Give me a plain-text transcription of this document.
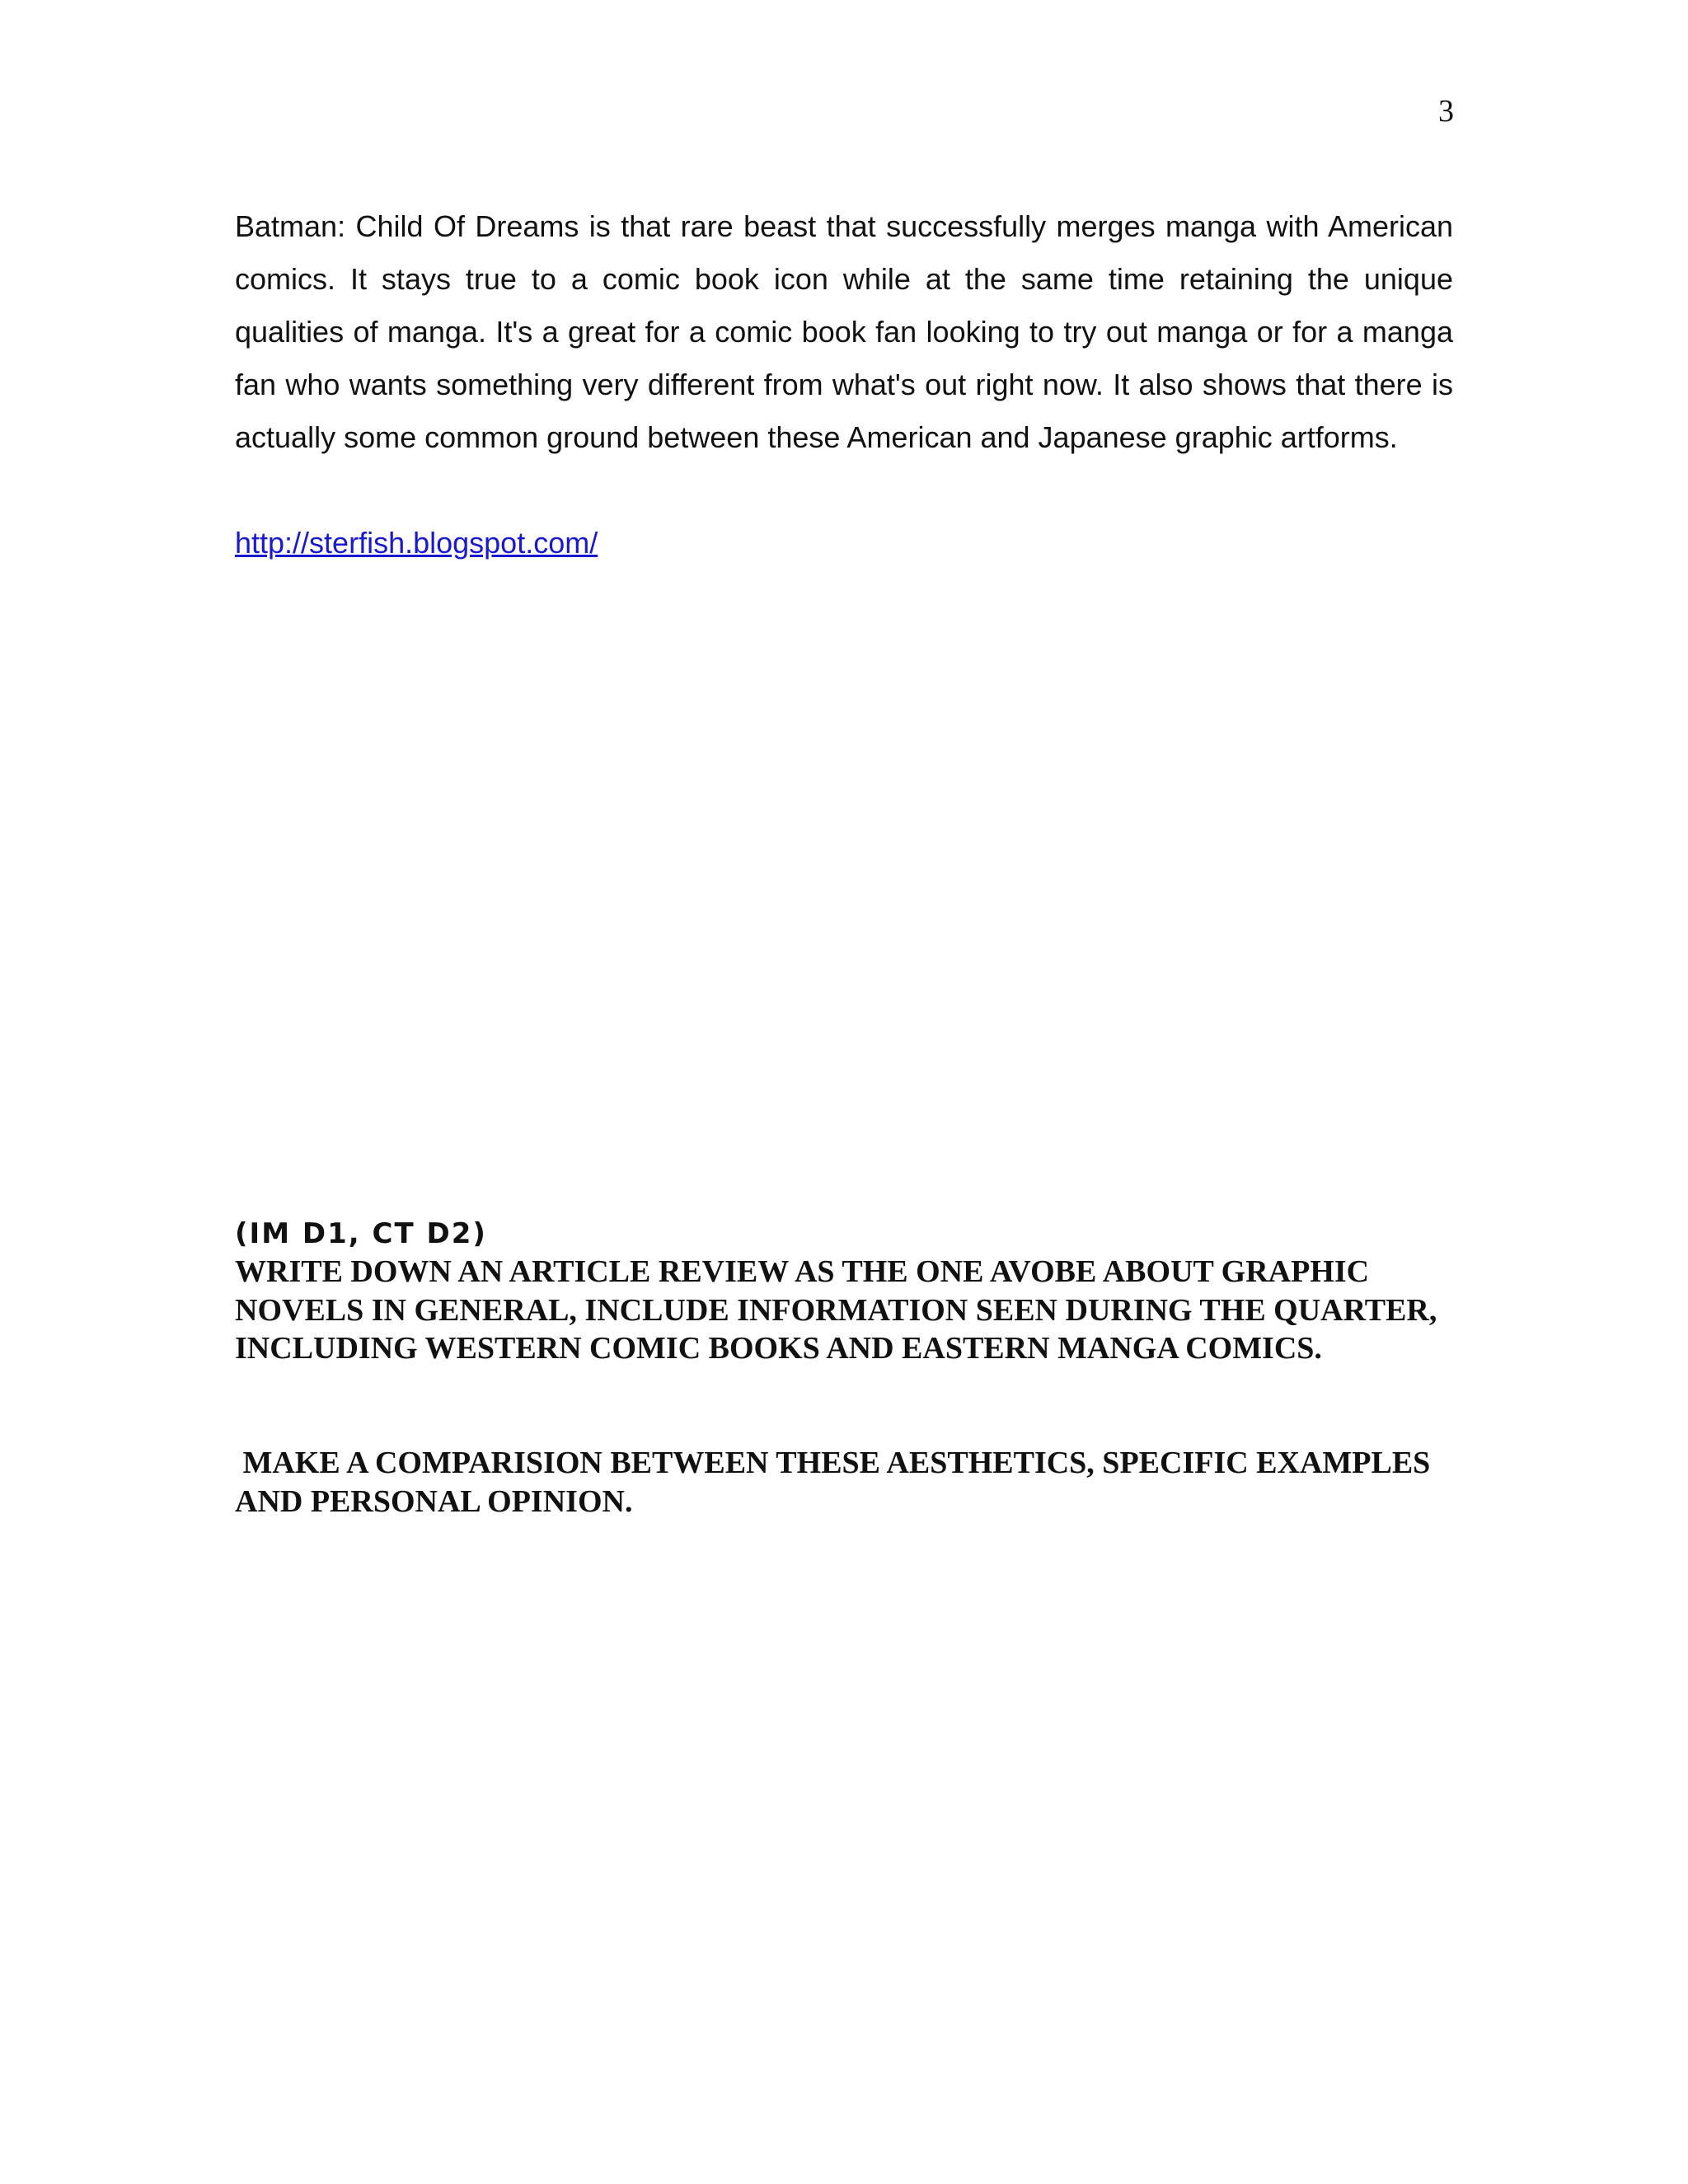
3

Batman: Child Of Dreams is that rare beast that successfully merges manga with American comics. It stays true to a comic book icon while at the same time retaining the unique qualities of manga. It's a great for a comic book fan looking to try out manga or for a manga fan who wants something very different from what's out right now. It also shows that there is actually some common ground between these American and Japanese graphic artforms.

http://sterfish.blogspot.com/
(IM D1, CT D2)

WRITE DOWN AN ARTICLE REVIEW AS THE ONE AVOBE ABOUT GRAPHIC NOVELS IN GENERAL, INCLUDE INFORMATION SEEN DURING THE QUARTER, INCLUDING WESTERN COMIC BOOKS AND EASTERN MANGA COMICS.

MAKE A COMPARISION BETWEEN THESE AESTHETICS, SPECIFIC EXAMPLES AND PERSONAL OPINION.
